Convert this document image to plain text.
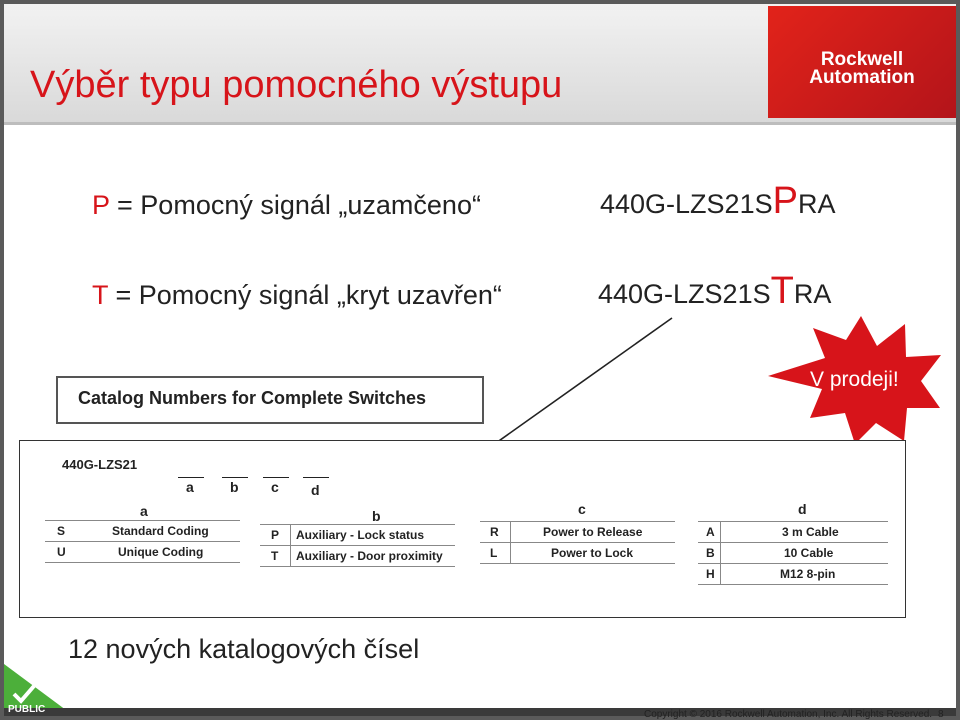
Výběr typu pomocného výstupu
Rockwell
Automation
P = Pomocný signál „uzamčeno“	440G-LZS21SPRA
T = Pomocný signál „kryt uzavřen“	440G-LZS21STRA
V prodeji!
Catalog Numbers for Complete Switches
440G-LZS21
a	b c d
a
S	Standard Coding
U	Unique Coding
b
P Auxiliary - Lock status
T Auxiliary - Door proximity
c
R	Power to Release
L	Power to Lock
d
A	3 m Cable
B	10 Cable
H	M12 8-pin
12 nových katalogových čísel
PUBLIC	Copyright © 2016 Rockwell Automation, Inc. All Rights Reserved. 8
